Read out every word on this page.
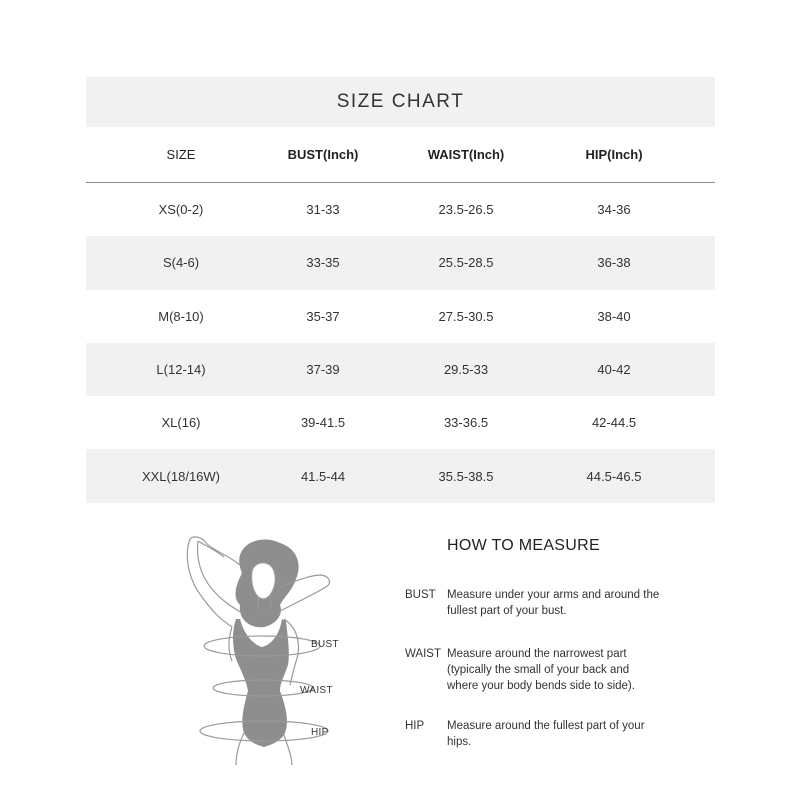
SIZE CHART
SIZE	BUST(Inch)	WAIST(Inch)	HIP(Inch)
XS(0-2)	31-33	23.5-26.5	34-36
S(4-6)	33-35	25.5-28.5	36-38
M(8-10)	35-37	27.5-30.5	38-40
L(12-14)	37-39	29.5-33	40-42
XL(16)	39-41.5	33-36.5	42-44.5
XXL(18/16W)	41.5-44	35.5-38.5	44.5-46.5
BUST
WAIST
HIP
HOW TO MEASURE
BUST Measure under your arms and around the fullest part of your bust.
WAIST Measure around the narrowest part (typically the small of your back and where your body bends side to side).
HIP	Measure around the fullest part of your hips.
